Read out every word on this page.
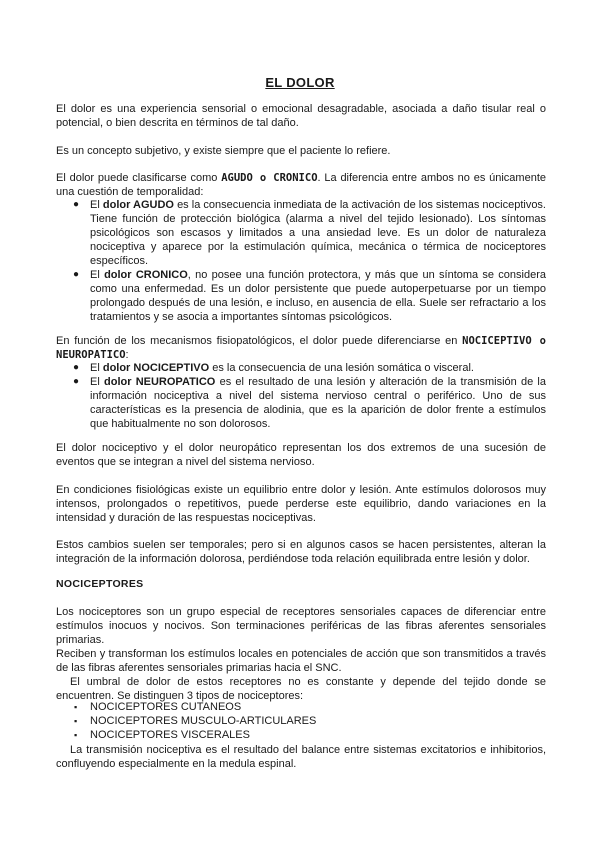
EL DOLOR

El dolor es una experiencia sensorial o emocional desagradable, asociada a daño tisular real o potencial, o bien descrita en términos de tal daño.

Es un concepto subjetivo, y existe siempre que el paciente lo refiere.

El dolor puede clasificarse como AGUDO o CRONICO. La diferencia entre ambos no es únicamente una cuestión de temporalidad:

● El dolor AGUDO es la consecuencia inmediata de la activación de los sistemas nociceptivos. Tiene función de protección biológica (alarma a nivel del tejido lesionado). Los síntomas psicológicos son escasos y limitados a una ansiedad leve. Es un dolor de naturaleza nociceptiva y aparece por la estimulación química, mecánica o térmica de nociceptores específicos.
● El dolor CRONICO, no posee una función protectora, y más que un síntoma se considera como una enfermedad. Es un dolor persistente que puede autoperpetuarse por un tiempo prolongado después de una lesión, e incluso, en ausencia de ella. Suele ser refractario a los tratamientos y se asocia a importantes síntomas psicológicos.

En función de los mecanismos fisiopatológicos, el dolor puede diferenciarse en NOCICEPTIVO o NEUROPATICO:

● El dolor NOCICEPTIVO es la consecuencia de una lesión somática o visceral.
● El dolor NEUROPATICO es el resultado de una lesión y alteración de la transmisión de la información nociceptiva a nivel del sistema nervioso central o periférico. Uno de sus características es la presencia de alodinia, que es la aparición de dolor frente a estímulos que habitualmente no son dolorosos.

El dolor nociceptivo y el dolor neuropático representan los dos extremos de una sucesión de eventos que se integran a nivel del sistema nervioso.

En condiciones fisiológicas existe un equilibrio entre dolor y lesión. Ante estímulos dolorosos muy intensos, prolongados o repetitivos, puede perderse este equilibrio, dando variaciones en la intensidad y duración de las respuestas nociceptivas.

Estos cambios suelen ser temporales; pero si en algunos casos se hacen persistentes, alteran la integración de la información dolorosa, perdiéndose toda relación equilibrada entre lesión y dolor.

NOCICEPTORES

Los nociceptores son un grupo especial de receptores sensoriales capaces de diferenciar entre estímulos inocuos y nocivos. Son terminaciones periféricas de las fibras aferentes sensoriales primarias.

Reciben y transforman los estímulos locales en potenciales de acción que son transmitidos a través de las fibras aferentes sensoriales primarias hacia el SNC.

El umbral de dolor de estos receptores no es constante y depende del tejido donde se encuentren. Se distinguen 3 tipos de nociceptores:

▪ NOCICEPTORES CUTANEOS
▪ NOCICEPTORES MUSCULO-ARTICULARES
▪ NOCICEPTORES VISCERALES

La transmisión nociceptiva es el resultado del balance entre sistemas excitatorios e inhibitorios, confluyendo especialmente en la medula espinal.
